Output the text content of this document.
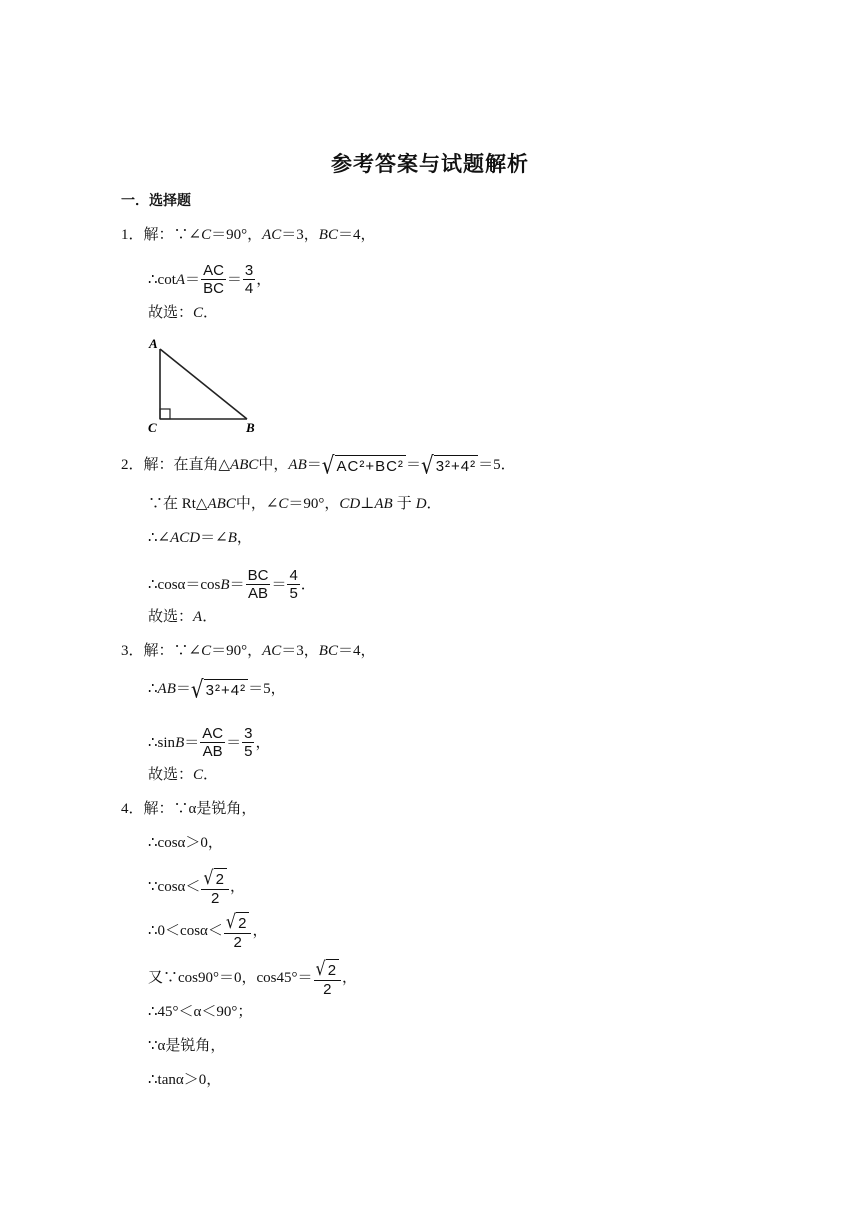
参考答案与试题解析
一．选择题
1．解：∵∠ C ＝90°， AC ＝3， BC ＝4，
∴cot $A = \frac{AC}{BC} = \frac{3}{4}$ ，
故选： C ．
A
C	B
2．解：在直角△ ABC 中， AB ＝ √ AC²+BC² ＝ √ 3²+4² ＝5．
∵在 Rt△ ABC 中，∠ C ＝90°， CD ⊥ AB 于 D ．
∴∠ ACD ＝∠ B ，
∴cosα＝cos $B = \frac{BC}{AB} = \frac{4}{5}$ ．
故选： A ．
3．解：∵∠ C ＝90°， AC ＝3， BC ＝4，
∴ AB ＝ √ 3²+4² ＝5，
∴sin $B = \frac{AC}{AB} = \frac{3}{5}$ ，
故选： C ．
4．解：∵α是锐角，
∴cosα＞0，
∵cosα＜ $\frac{√ 2}{2}$ ，
∴0＜cosα＜ $\frac{√ 2}{2}$ ，
又∵cos90°＝0，$\cos 45^\circ= \frac{√ 2}{2}$ ，
∴45°＜α＜90°；
∵α是锐角，
∴tanα＞0，
